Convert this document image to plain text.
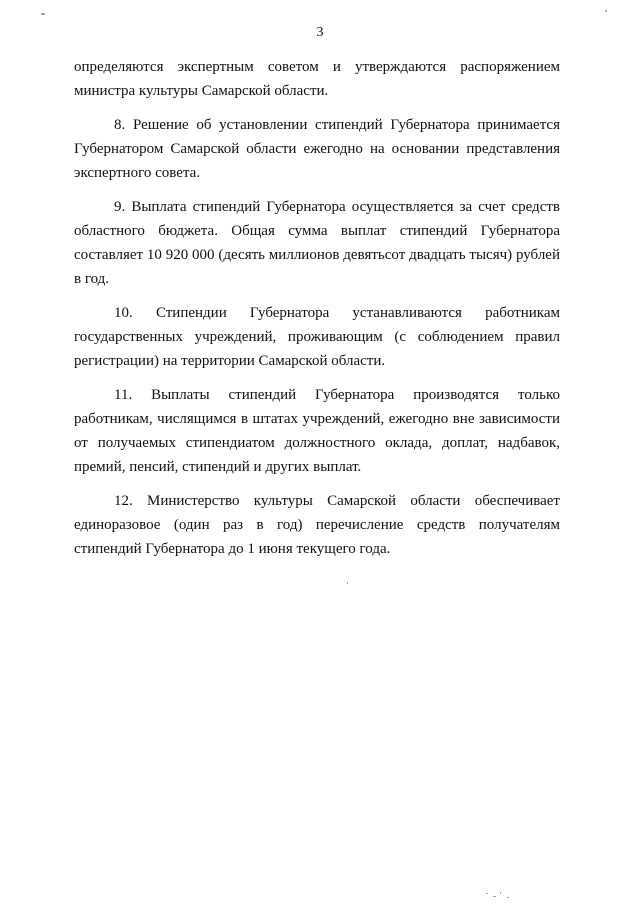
3

определяются экспертным советом и утверждаются распоряжением министра культуры Самарской области.

8. Решение об установлении стипендий Губернатора принимается Губернатором Самарской области ежегодно на основании представления экспертного совета.

9. Выплата стипендий Губернатора осуществляется за счет средств областного бюджета. Общая сумма выплат стипендий Губернатора составляет 10 920 000 (десять миллионов девятьсот двадцать тысяч) рублей в год.

10. Стипендии Губернатора устанавливаются работникам государственных учреждений, проживающим (с соблюдением правил регистрации) на территории Самарской области.

11. Выплаты стипендий Губернатора производятся только работникам, числящимся в штатах учреждений, ежегодно вне зависимости от получаемых стипендиатом должностного оклада, доплат, надбавок, премий, пенсий, стипендий и других выплат.

12. Министерство культуры Самарской области обеспечивает единоразовое (один раз в год) перечисление средств получателям стипендий Губернатора до 1 июня текущего года.
